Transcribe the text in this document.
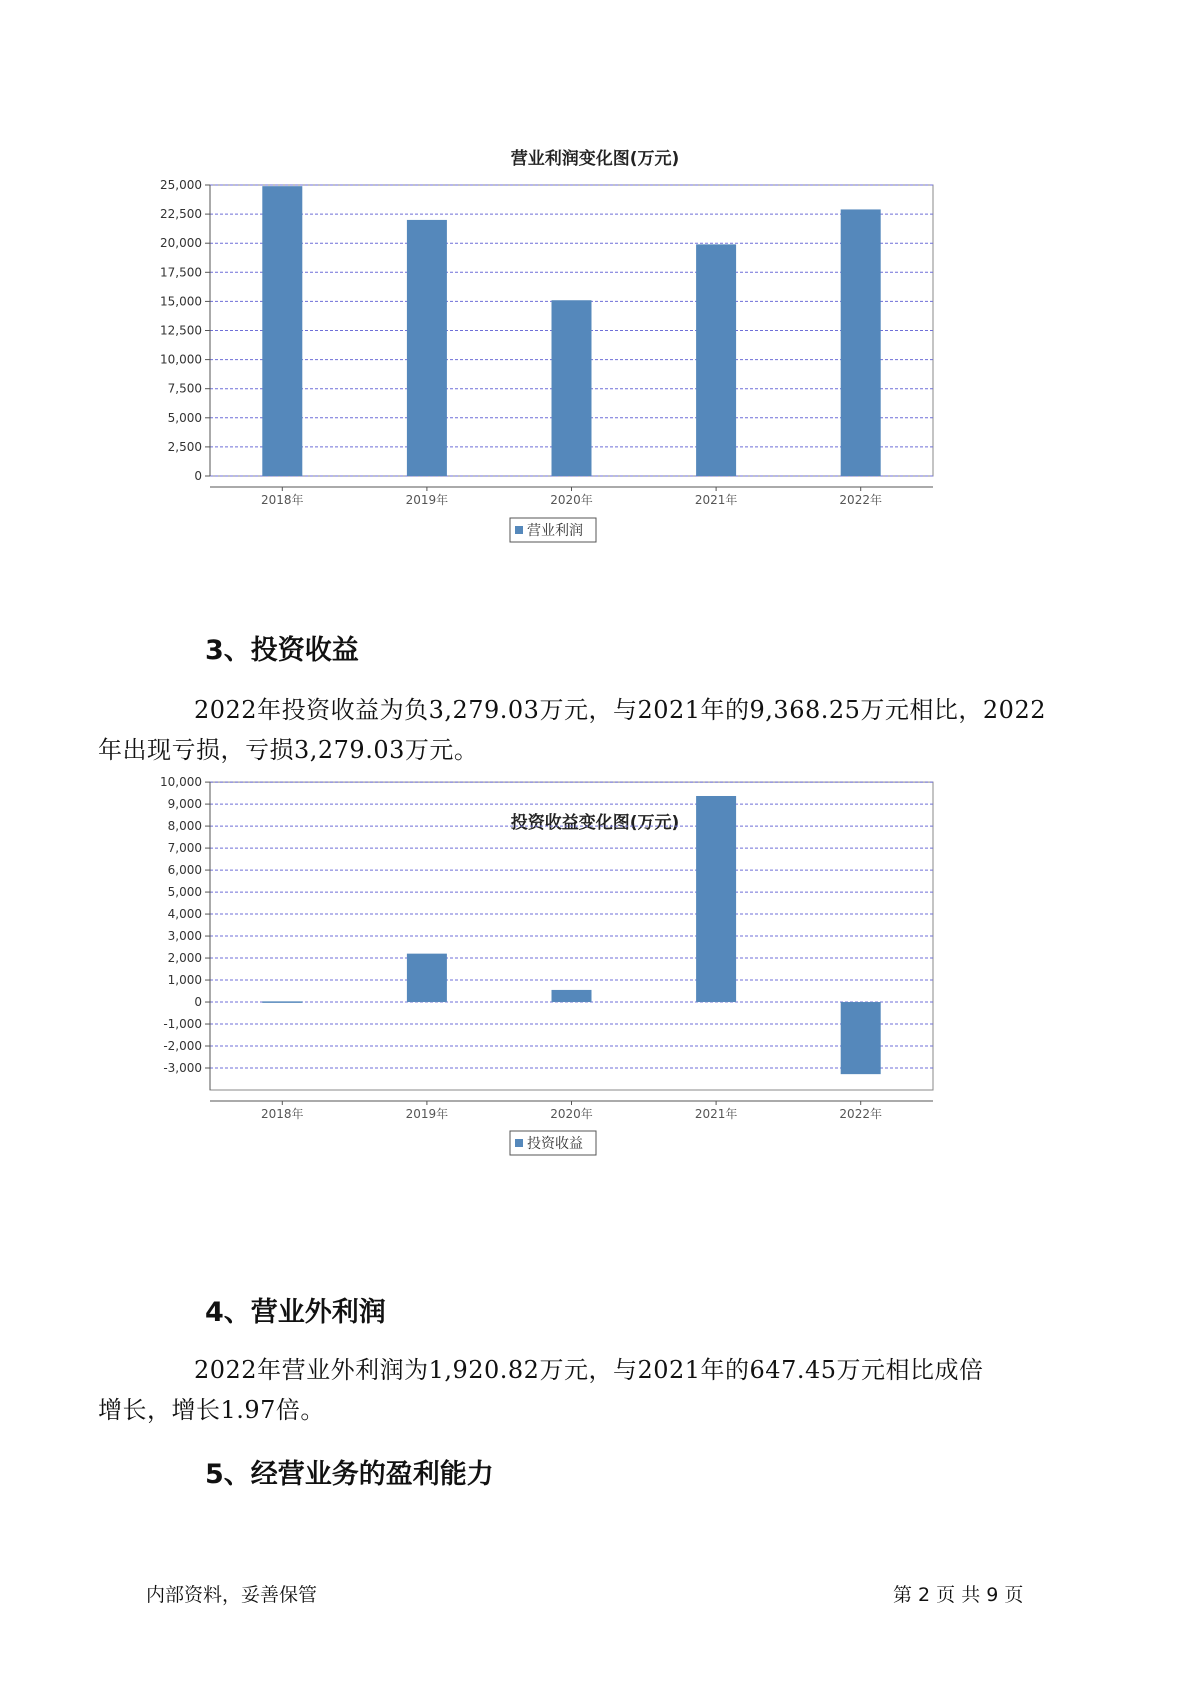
营业利润变化图(万元)
0
2,500
5,000
7,500
10,000
12,500
15,000
17,500
20,000
22,500
25,000
2018年	2019年	2020年	2021年	2022年
营业利润
3、投资收益
2022年投资收益为负3,279.03万元，与2021年的9,368.25万元相比，2022
年出现亏损，亏损3,279.03万元。
投资收益变化图(万元)
-3,000
-2,000
-1,000
0
1,000
2,000
3,000
4,000
5,000
6,000
7,000
8,000
9,000
10,000
2018年	2019年	2020年	2021年	2022年
投资收益
4、营业外利润
2022年营业外利润为1,920.82万元，与2021年的647.45万元相比成倍
增长，增长1.97倍。
5、经营业务的盈利能力
内部资料，妥善保管	第 2 页 共 9 页
